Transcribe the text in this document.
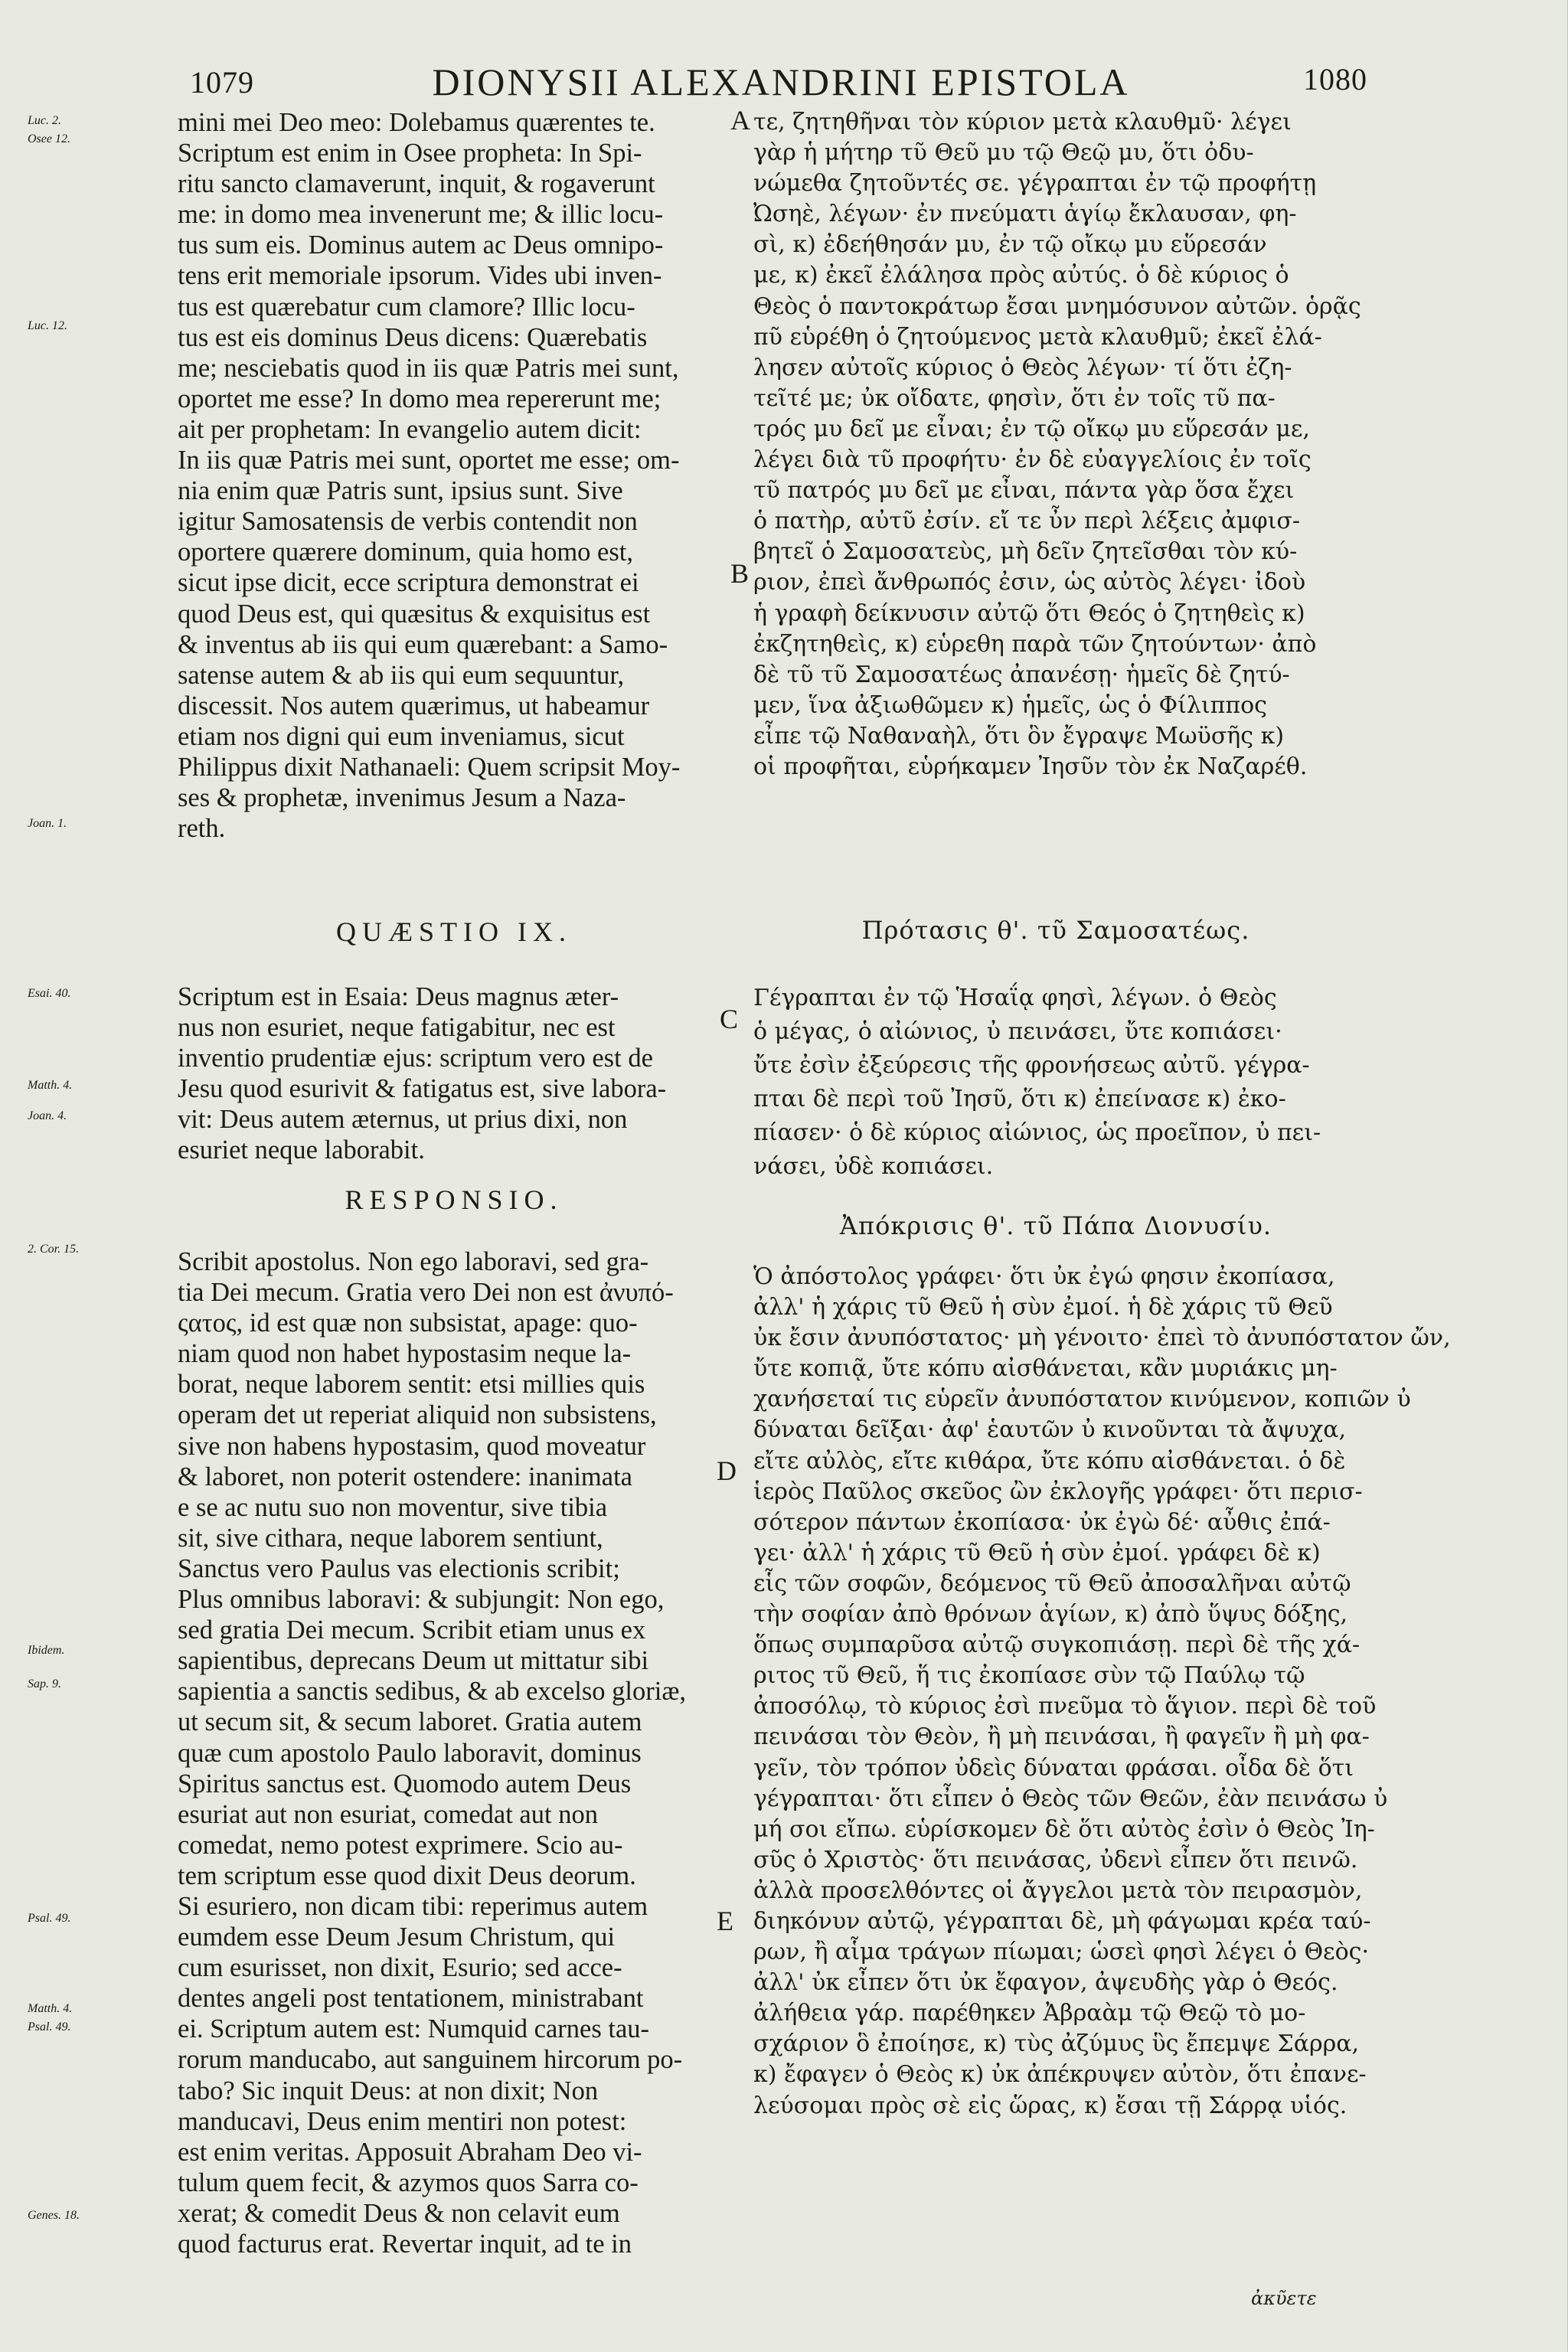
1079	DIONYSII ALEXANDRINI EPISTOLA	1080
Luc. 2.
Osee 12.
Luc. 12.
Joan. 1.
Esai. 40.
Matth. 4.
Joan. 4.
2. Cor. 15.
Ibidem.
Sap. 9.
Psal. 49.
Matth. 4.
Psal. 49.
Genes. 18.
A
B
C
D
E
mini mei Deo meo: Dolebamus quærentes te.
Scriptum est enim in Osee propheta: In Spi-
ritu sancto clamaverunt, inquit, & rogaverunt
me: in domo mea invenerunt me; & illic locu-
tus sum eis. Dominus autem ac Deus omnipo-
tens erit memoriale ipsorum. Vides ubi inven-
tus est quærebatur cum clamore? Illic locu-
tus est eis dominus Deus dicens: Quærebatis
me; nesciebatis quod in iis quæ Patris mei sunt,
oportet me esse? In domo mea repererunt me;
ait per prophetam: In evangelio autem dicit:
In iis quæ Patris mei sunt, oportet me esse; om-
nia enim quæ Patris sunt, ipsius sunt. Sive
igitur Samosatensis de verbis contendit non
oportere quærere dominum, quia homo est,
sicut ipse dicit, ecce scriptura demonstrat ei
quod Deus est, qui quæsitus & exquisitus est
& inventus ab iis qui eum quærebant: a Samo-
satense autem & ab iis qui eum sequuntur,
discessit. Nos autem quærimus, ut habeamur
etiam nos digni qui eum inveniamus, sicut
Philippus dixit Nathanaeli: Quem scripsit Moy-
ses & prophetæ, invenimus Jesum a Naza-
reth.
τε, ζητηθῆναι τὸν κύριον μετὰ κλαυθμῦ· λέγει
γὰρ ἡ μήτηρ τῦ Θεῦ μυ τῷ Θεῷ μυ, ὅτι ὀδυ-
νώμεθα ζητοῦντές σε. γέγραπται ἐν τῷ προφήτῃ
Ὠσηὲ, λέγων· ἐν πνεύματι ἁγίῳ ἔκλαυσαν, φη-
σὶ, κ) ἐδεήθησάν μυ, ἐν τῷ οἴκῳ μυ εὕρεσάν
με, κ) ἐκεῖ ἐλάλησα πρὸς αὐτύς. ὁ δὲ κύριος ὁ
Θεὸς ὁ παντοκράτωρ ἔσαι μνημόσυνον αὐτῶν. ὁρᾷς
πῦ εὑρέθη ὁ ζητούμενος μετὰ κλαυθμῦ; ἐκεῖ ἐλά-
λησεν αὐτοῖς κύριος ὁ Θεὸς λέγων· τί ὅτι ἐζη-
τεῖτέ με; ὐκ οἴδατε, φησὶν, ὅτι ἐν τοῖς τῦ πα-
τρός μυ δεῖ με εἶναι; ἐν τῷ οἴκῳ μυ εὕρεσάν με,
λέγει διὰ τῦ προφήτυ· ἐν δὲ εὐαγγελίοις ἐν τοῖς
τῦ πατρός μυ δεῖ με εἶναι, πάντα γὰρ ὅσα ἔχει
ὁ πατὴρ, αὐτῦ ἐσίν. εἴ τε ὖν περὶ λέξεις ἀμφισ-
βητεῖ ὁ Σαμοσατεὺς, μὴ δεῖν ζητεῖσθαι τὸν κύ-
ριον, ἐπεὶ ἄνθρωπός ἐσιν, ὡς αὐτὸς λέγει· ἰδοὺ
ἡ γραφὴ δείκνυσιν αὐτῷ ὅτι Θεός ὁ ζητηθεὶς κ)
ἐκζητηθεὶς, κ) εὑρεθη παρὰ τῶν ζητούντων· ἀπὸ
δὲ τῦ τῦ Σαμοσατέως ἀπανέσῃ· ἡμεῖς δὲ ζητύ-
μεν, ἵνα ἀξιωθῶμεν κ) ἡμεῖς, ὡς ὁ Φίλιππος
εἶπε τῷ Ναθαναὴλ, ὅτι ὃν ἔγραψε Μωϋσῆς κ)
οἱ προφῆται, εὑρήκαμεν Ἰησῦν τὸν ἐκ Ναζαρέθ.
QUÆSTIO IX.	Πρότασις θ'. τῦ Σαμοσατέως.
Scriptum est in Esaia: Deus magnus æter-
nus non esuriet, neque fatigabitur, nec est
inventio prudentiæ ejus: scriptum vero est de
Jesu quod esurivit & fatigatus est, sive labora-
vit: Deus autem æternus, ut prius dixi, non
esuriet neque laborabit.
Γέγραπται ἐν τῷ Ἡσαΐᾳ φησὶ, λέγων. ὁ Θεὸς
ὁ μέγας, ὁ αἰώνιος, ὐ πεινάσει, ὔτε κοπιάσει·
ὔτε ἐσὶν ἐξεύρεσις τῆς φρονήσεως αὐτῦ. γέγρα-
πται δὲ περὶ τοῦ Ἰησῦ, ὅτι κ) ἐπείνασε κ) ἐκο-
πίασεν· ὁ δὲ κύριος αἰώνιος, ὡς προεῖπον, ὐ πει-
νάσει, ὐδὲ κοπιάσει.
RESPONSIO.
Ἀπόκρισις θ'. τῦ Πάπα Διονυσίυ.
Scribit apostolus. Non ego laboravi, sed gra-
tia Dei mecum. Gratia vero Dei non est ἀνυπό-
ςατος, id est quæ non subsistat, apage: quo-
niam quod non habet hypostasim neque la-
borat, neque laborem sentit: etsi millies quis
operam det ut reperiat aliquid non subsistens,
sive non habens hypostasim, quod moveatur
& laboret, non poterit ostendere: inanimata
e se ac nutu suo non moventur, sive tibia
sit, sive cithara, neque laborem sentiunt,
Sanctus vero Paulus vas electionis scribit;
Plus omnibus laboravi: & subjungit: Non ego,
sed gratia Dei mecum. Scribit etiam unus ex
sapientibus, deprecans Deum ut mittatur sibi
sapientia a sanctis sedibus, & ab excelso gloriæ,
ut secum sit, & secum laboret. Gratia autem
quæ cum apostolo Paulo laboravit, dominus
Spiritus sanctus est. Quomodo autem Deus
esuriat aut non esuriat, comedat aut non
comedat, nemo potest exprimere. Scio au-
tem scriptum esse quod dixit Deus deorum.
Si esuriero, non dicam tibi: reperimus autem
eumdem esse Deum Jesum Christum, qui
cum esurisset, non dixit, Esurio; sed acce-
dentes angeli post tentationem, ministrabant
ei. Scriptum autem est: Numquid carnes tau-
rorum manducabo, aut sanguinem hircorum po-
tabo? Sic inquit Deus: at non dixit; Non
manducavi, Deus enim mentiri non potest:
est enim veritas. Apposuit Abraham Deo vi-
tulum quem fecit, & azymos quos Sarra co-
xerat; & comedit Deus & non celavit eum
quod facturus erat. Revertar inquit, ad te in
Ὁ ἀπόστολος γράφει· ὅτι ὐκ ἐγώ φησιν ἐκοπίασα,
ἀλλ' ἡ χάρις τῦ Θεῦ ἡ σὺν ἐμοί. ἡ δὲ χάρις τῦ Θεῦ
ὐκ ἔσιν ἀνυπόστατος· μὴ γένοιτο· ἐπεὶ τὸ ἀνυπόστατον ὤν,
ὔτε κοπιᾷ, ὔτε κόπυ αἰσθάνεται, κἂν μυριάκις μη-
χανήσεταί τις εὑρεῖν ἀνυπόστατον κινύμενον, κοπιῶν ὐ
δύναται δεῖξαι· ἀφ' ἑαυτῶν ὐ κινοῦνται τὰ ἄψυχα,
εἴτε αὐλὸς, εἴτε κιθάρα, ὔτε κόπυ αἰσθάνεται. ὁ δὲ
ἱερὸς Παῦλος σκεῦος ὢν ἐκλογῆς γράφει· ὅτι περισ-
σότερον πάντων ἐκοπίασα· ὐκ ἐγὼ δέ· αὖθις ἐπά-
γει· ἀλλ' ἡ χάρις τῦ Θεῦ ἡ σὺν ἐμοί. γράφει δὲ κ)
εἷς τῶν σοφῶν, δεόμενος τῦ Θεῦ ἀποσαλῆναι αὐτῷ
τὴν σοφίαν ἀπὸ θρόνων ἁγίων, κ) ἀπὸ ὕψυς δόξης,
ὅπως συμπαρῦσα αὐτῷ συγκοπιάσῃ. περὶ δὲ τῆς χά-
ριτος τῦ Θεῦ, ἥ τις ἐκοπίασε σὺν τῷ Παύλῳ τῷ
ἀποσόλῳ, τὸ κύριος ἐσὶ πνεῦμα τὸ ἅγιον. περὶ δὲ τοῦ
πεινάσαι τὸν Θεὸν, ἢ μὴ πεινάσαι, ἢ φαγεῖν ἢ μὴ φα-
γεῖν, τὸν τρόπον ὐδεὶς δύναται φράσαι. οἶδα δὲ ὅτι
γέγραπται· ὅτι εἶπεν ὁ Θεὸς τῶν Θεῶν, ἐὰν πεινάσω ὐ
μή σοι εἴπω. εὑρίσκομεν δὲ ὅτι αὐτὸς ἐσὶν ὁ Θεὸς Ἰη-
σῦς ὁ Χριστὸς· ὅτι πεινάσας, ὐδενὶ εἶπεν ὅτι πεινῶ.
ἀλλὰ προσελθόντες οἱ ἄγγελοι μετὰ τὸν πειρασμὸν,
διηκόνυν αὐτῷ, γέγραπται δὲ, μὴ φάγωμαι κρέα ταύ-
ρων, ἢ αἷμα τράγων πίωμαι; ὡσεὶ φησὶ λέγει ὁ Θεὸς·
ἀλλ' ὐκ εἶπεν ὅτι ὐκ ἔφαγον, ἀψευδὴς γὰρ ὁ Θεός.
ἀλήθεια γάρ. παρέθηκεν Ἀβραὰμ τῷ Θεῷ τὸ μο-
σχάριον ὃ ἐποίησε, κ) τὺς ἀζύμυς ὓς ἔπεμψε Σάρρα,
κ) ἔφαγεν ὁ Θεὸς κ) ὐκ ἀπέκρυψεν αὐτὸν, ὅτι ἐπανε-
λεύσομαι πρὸς σὲ εἰς ὥρας, κ) ἔσαι τῇ Σάρρᾳ υἱός.
ἀκῦετε
